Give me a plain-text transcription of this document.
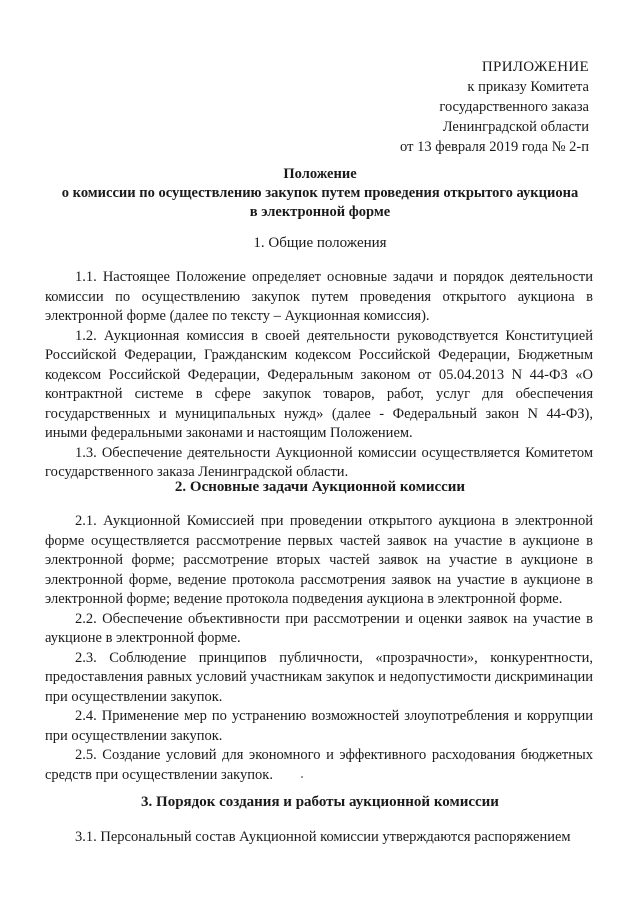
ПРИЛОЖЕНИЕ
к приказу Комитета
государственного заказа
Ленинградской области
от 13 февраля 2019 года № 2-п
Положение
о комиссии по осуществлению закупок путем проведения открытого аукциона
в электронной форме
1. Общие положения

1.1. Настоящее Положение определяет основные задачи и порядок деятельности комиссии по осуществлению закупок путем проведения открытого аукциона в электронной форме (далее по тексту – Аукционная комиссия).

1.2. Аукционная комиссия в своей деятельности руководствуется Конституцией Российской Федерации, Гражданским кодексом Российской Федерации, Бюджетным кодексом Российской Федерации, Федеральным законом от 05.04.2013 N 44-ФЗ «О контрактной системе в сфере закупок товаров, работ, услуг для обеспечения государственных и муниципальных нужд» (далее - Федеральный закон N 44-ФЗ), иными федеральными законами и настоящим Положением.

1.3. Обеспечение деятельности Аукционной комиссии осуществляется Комитетом государственного заказа Ленинградской области.

2. Основные задачи Аукционной комиссии

2.1. Аукционной Комиссией при проведении открытого аукциона в электронной форме осуществляется рассмотрение первых частей заявок на участие в аукционе в электронной форме; рассмотрение вторых частей заявок на участие в аукционе в электронной форме, ведение протокола рассмотрения заявок на участие в аукционе в электронной форме; ведение протокола подведения аукциона в электронной форме.

2.2. Обеспечение объективности при рассмотрении и оценки заявок на участие в аукционе в электронной форме.

2.3. Соблюдение принципов публичности, «прозрачности», конкурентности, предоставления равных условий участникам закупок и недопустимости дискриминации при осуществлении закупок.

2.4. Применение мер по устранению возможностей злоупотребления и коррупции при осуществлении закупок.

2.5. Создание условий для экономного и эффективного расходования бюджетных средств при осуществлении закупок.

3. Порядок создания и работы аукционной комиссии

3.1. Персональный состав Аукционной комиссии утверждаются распоряжением
